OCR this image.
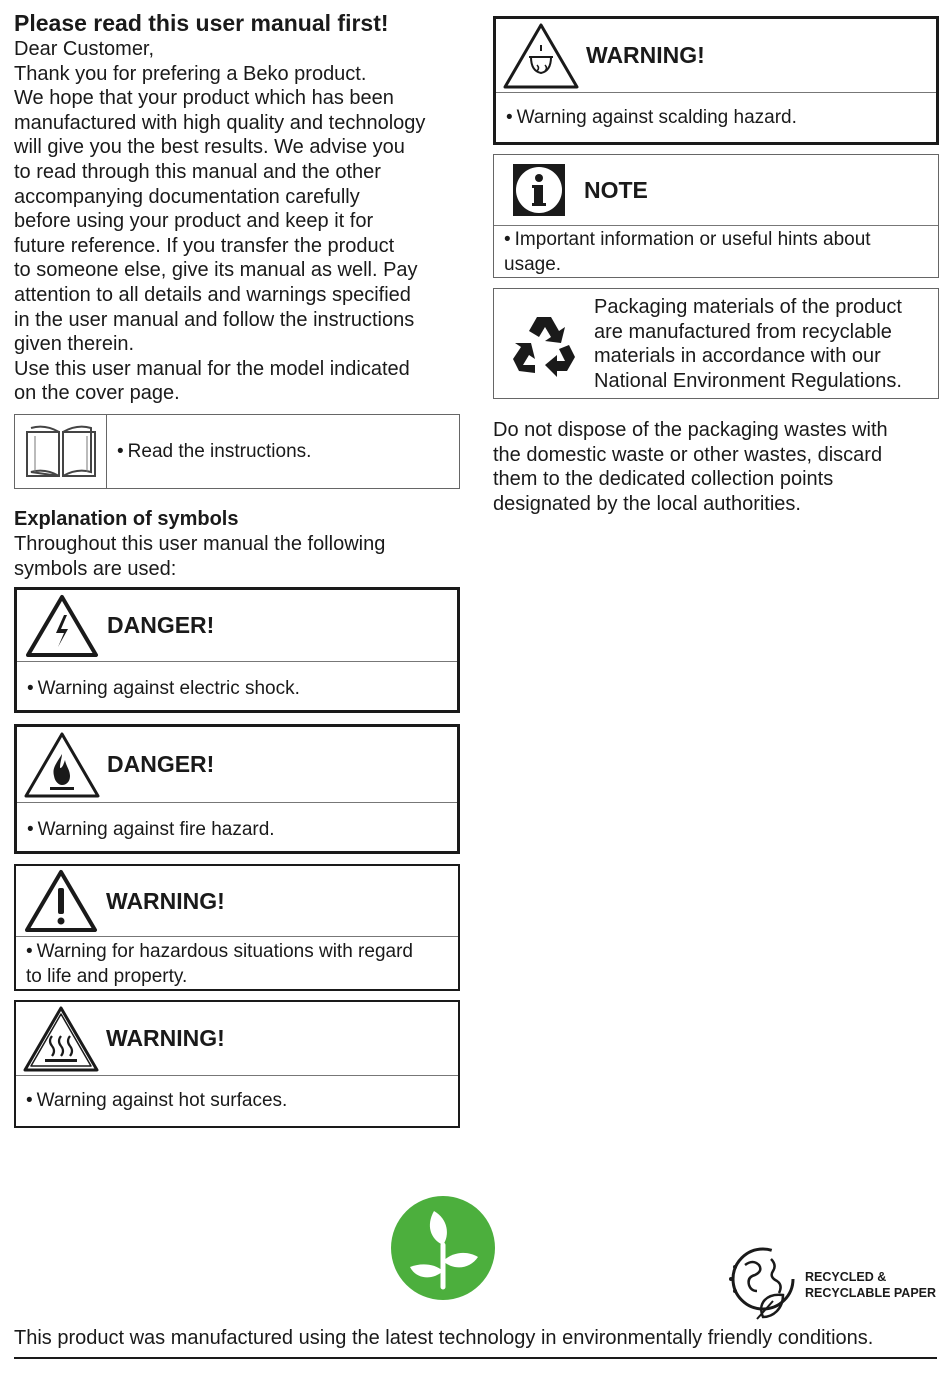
Please read this user manual first!

Dear Customer,

Thank you for prefering a Beko product.

We hope that your product which has been

manufactured with high quality and technology

will give you the best results. We advise you

to read through this manual and the other

accompanying documentation carefully

before using your product and keep it for

future reference. If you transfer the product

to someone else, give its manual as well. Pay

attention to all details and warnings specified

in the user manual and follow the instructions

given therein.

Use this user manual for the model indicated

on the cover page.

• Read the instructions.
Explanation of symbols

Throughout this user manual the following

symbols are used:

DANGER!
• Warning against electric shock.
DANGER!
• Warning against fire hazard.
WARNING!
• Warning for hazardous situations with regard
to life and property.
WARNING!
• Warning against hot surfaces.
WARNING!
• Warning against scalding hazard.
NOTE
• Important information or useful hints about
usage.
Packaging materials of the product
are manufactured from recyclable
materials in accordance with our
National Environment Regulations.
Do not dispose of the packaging wastes with
the domestic waste or other wastes, discard
them to the dedicated collection points
designated by the local authorities.
RECYCLED &
RECYCLABLE PAPER
This product was manufactured using the latest technology in environmentally friendly conditions.
